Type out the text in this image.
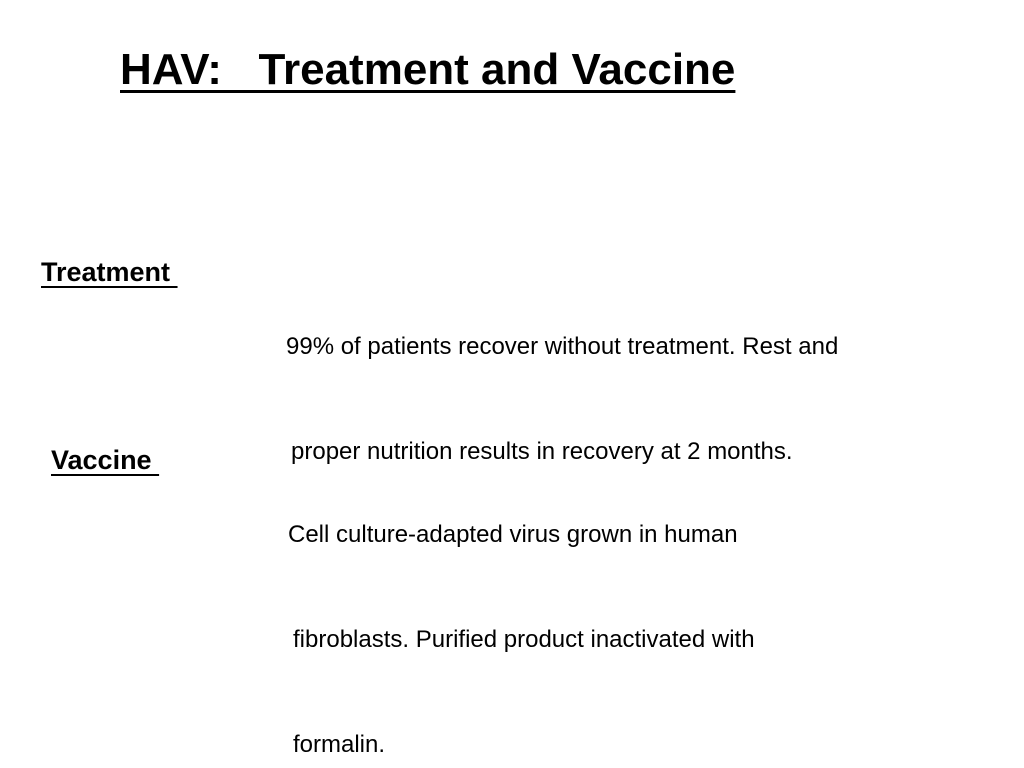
HAV:   Treatment and Vaccine
Treatment

99% of patients recover without treatment. Rest and

proper nutrition results in recovery at 2 months.

Vaccine

Cell culture-adapted virus grown in human

fibroblasts. Purified product inactivated with

formalin.
